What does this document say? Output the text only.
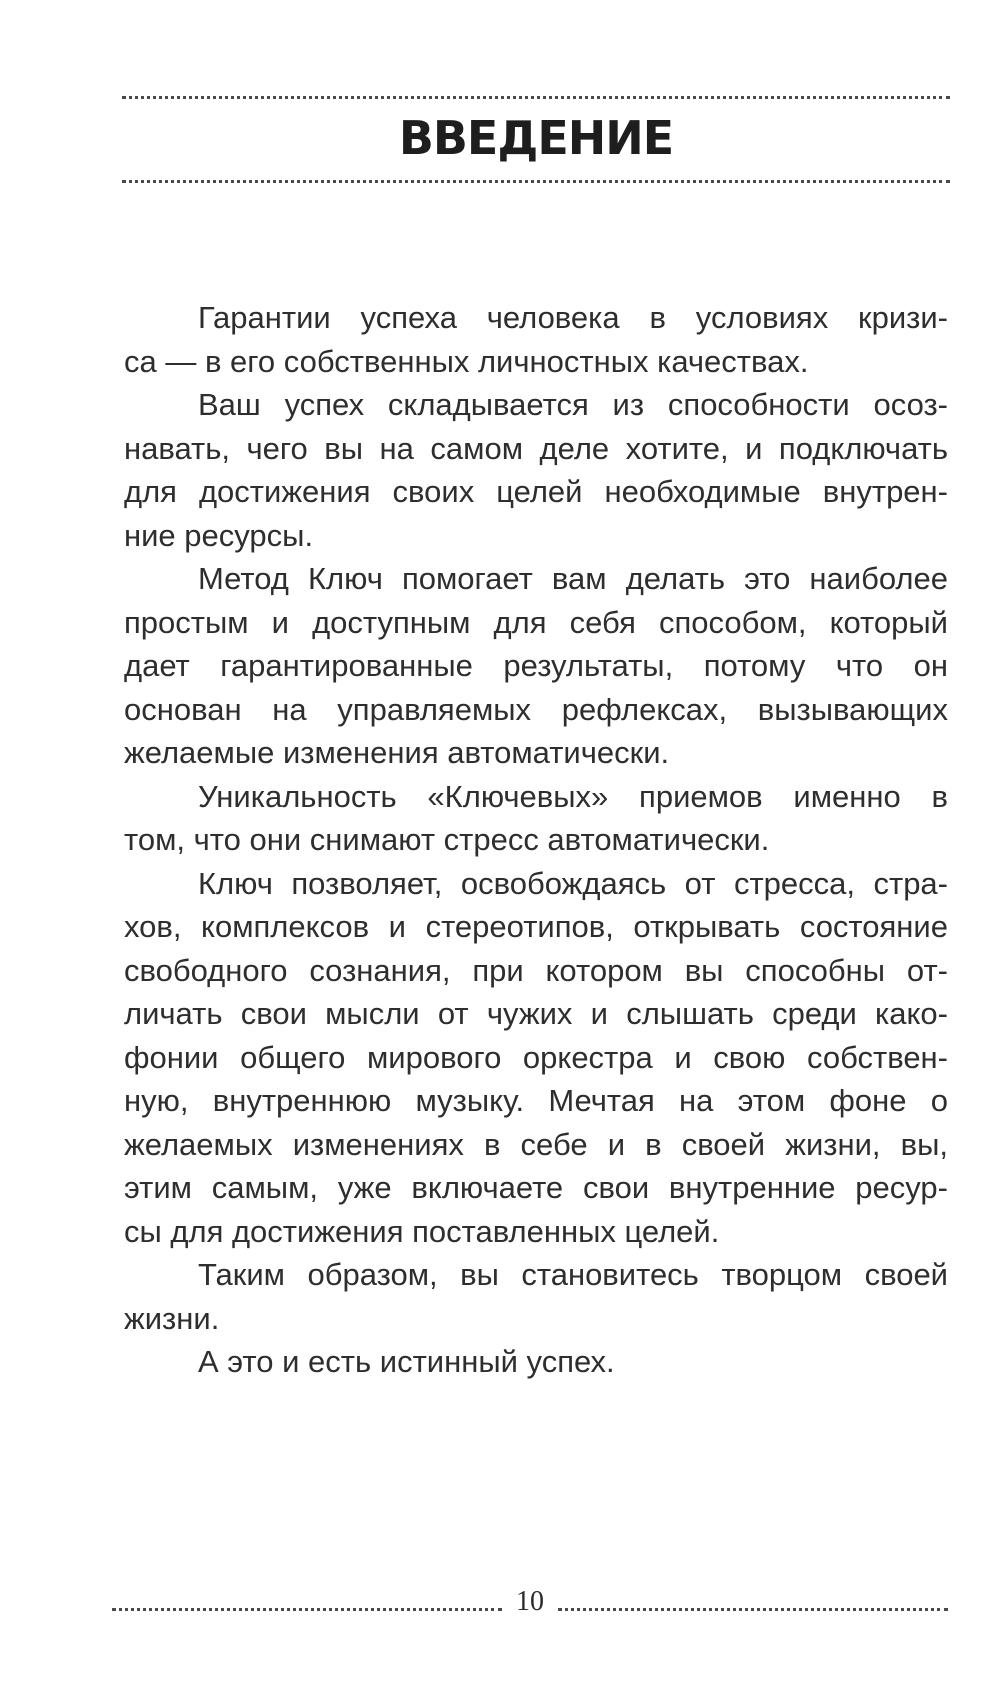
ВВЕДЕНИЕ
Гарантии успеха человека в условиях кризи-
са — в его собственных личностных качествах.
Ваш успех складывается из способности осоз-
навать, чего вы на самом деле хотите, и подключать
для достижения своих целей необходимые внутрен-
ние ресурсы.
Метод Ключ помогает вам делать это наиболее
простым и доступным для себя способом, который
дает гарантированные результаты, потому что он
основан на управляемых рефлексах, вызывающих
желаемые изменения автоматически.
Уникальность «Ключевых» приемов именно в
том, что они снимают стресс автоматически.
Ключ позволяет, освобождаясь от стресса, стра-
хов, комплексов и стереотипов, открывать состояние
свободного сознания, при котором вы способны от-
личать свои мысли от чужих и слышать среди како-
фонии общего мирового оркестра и свою собствен-
ную, внутреннюю музыку. Мечтая на этом фоне о
желаемых изменениях в себе и в своей жизни, вы,
этим самым, уже включаете свои внутренние ресур-
сы для достижения поставленных целей.
Таким образом, вы становитесь творцом своей
жизни.
А это и есть истинный успех.
10
